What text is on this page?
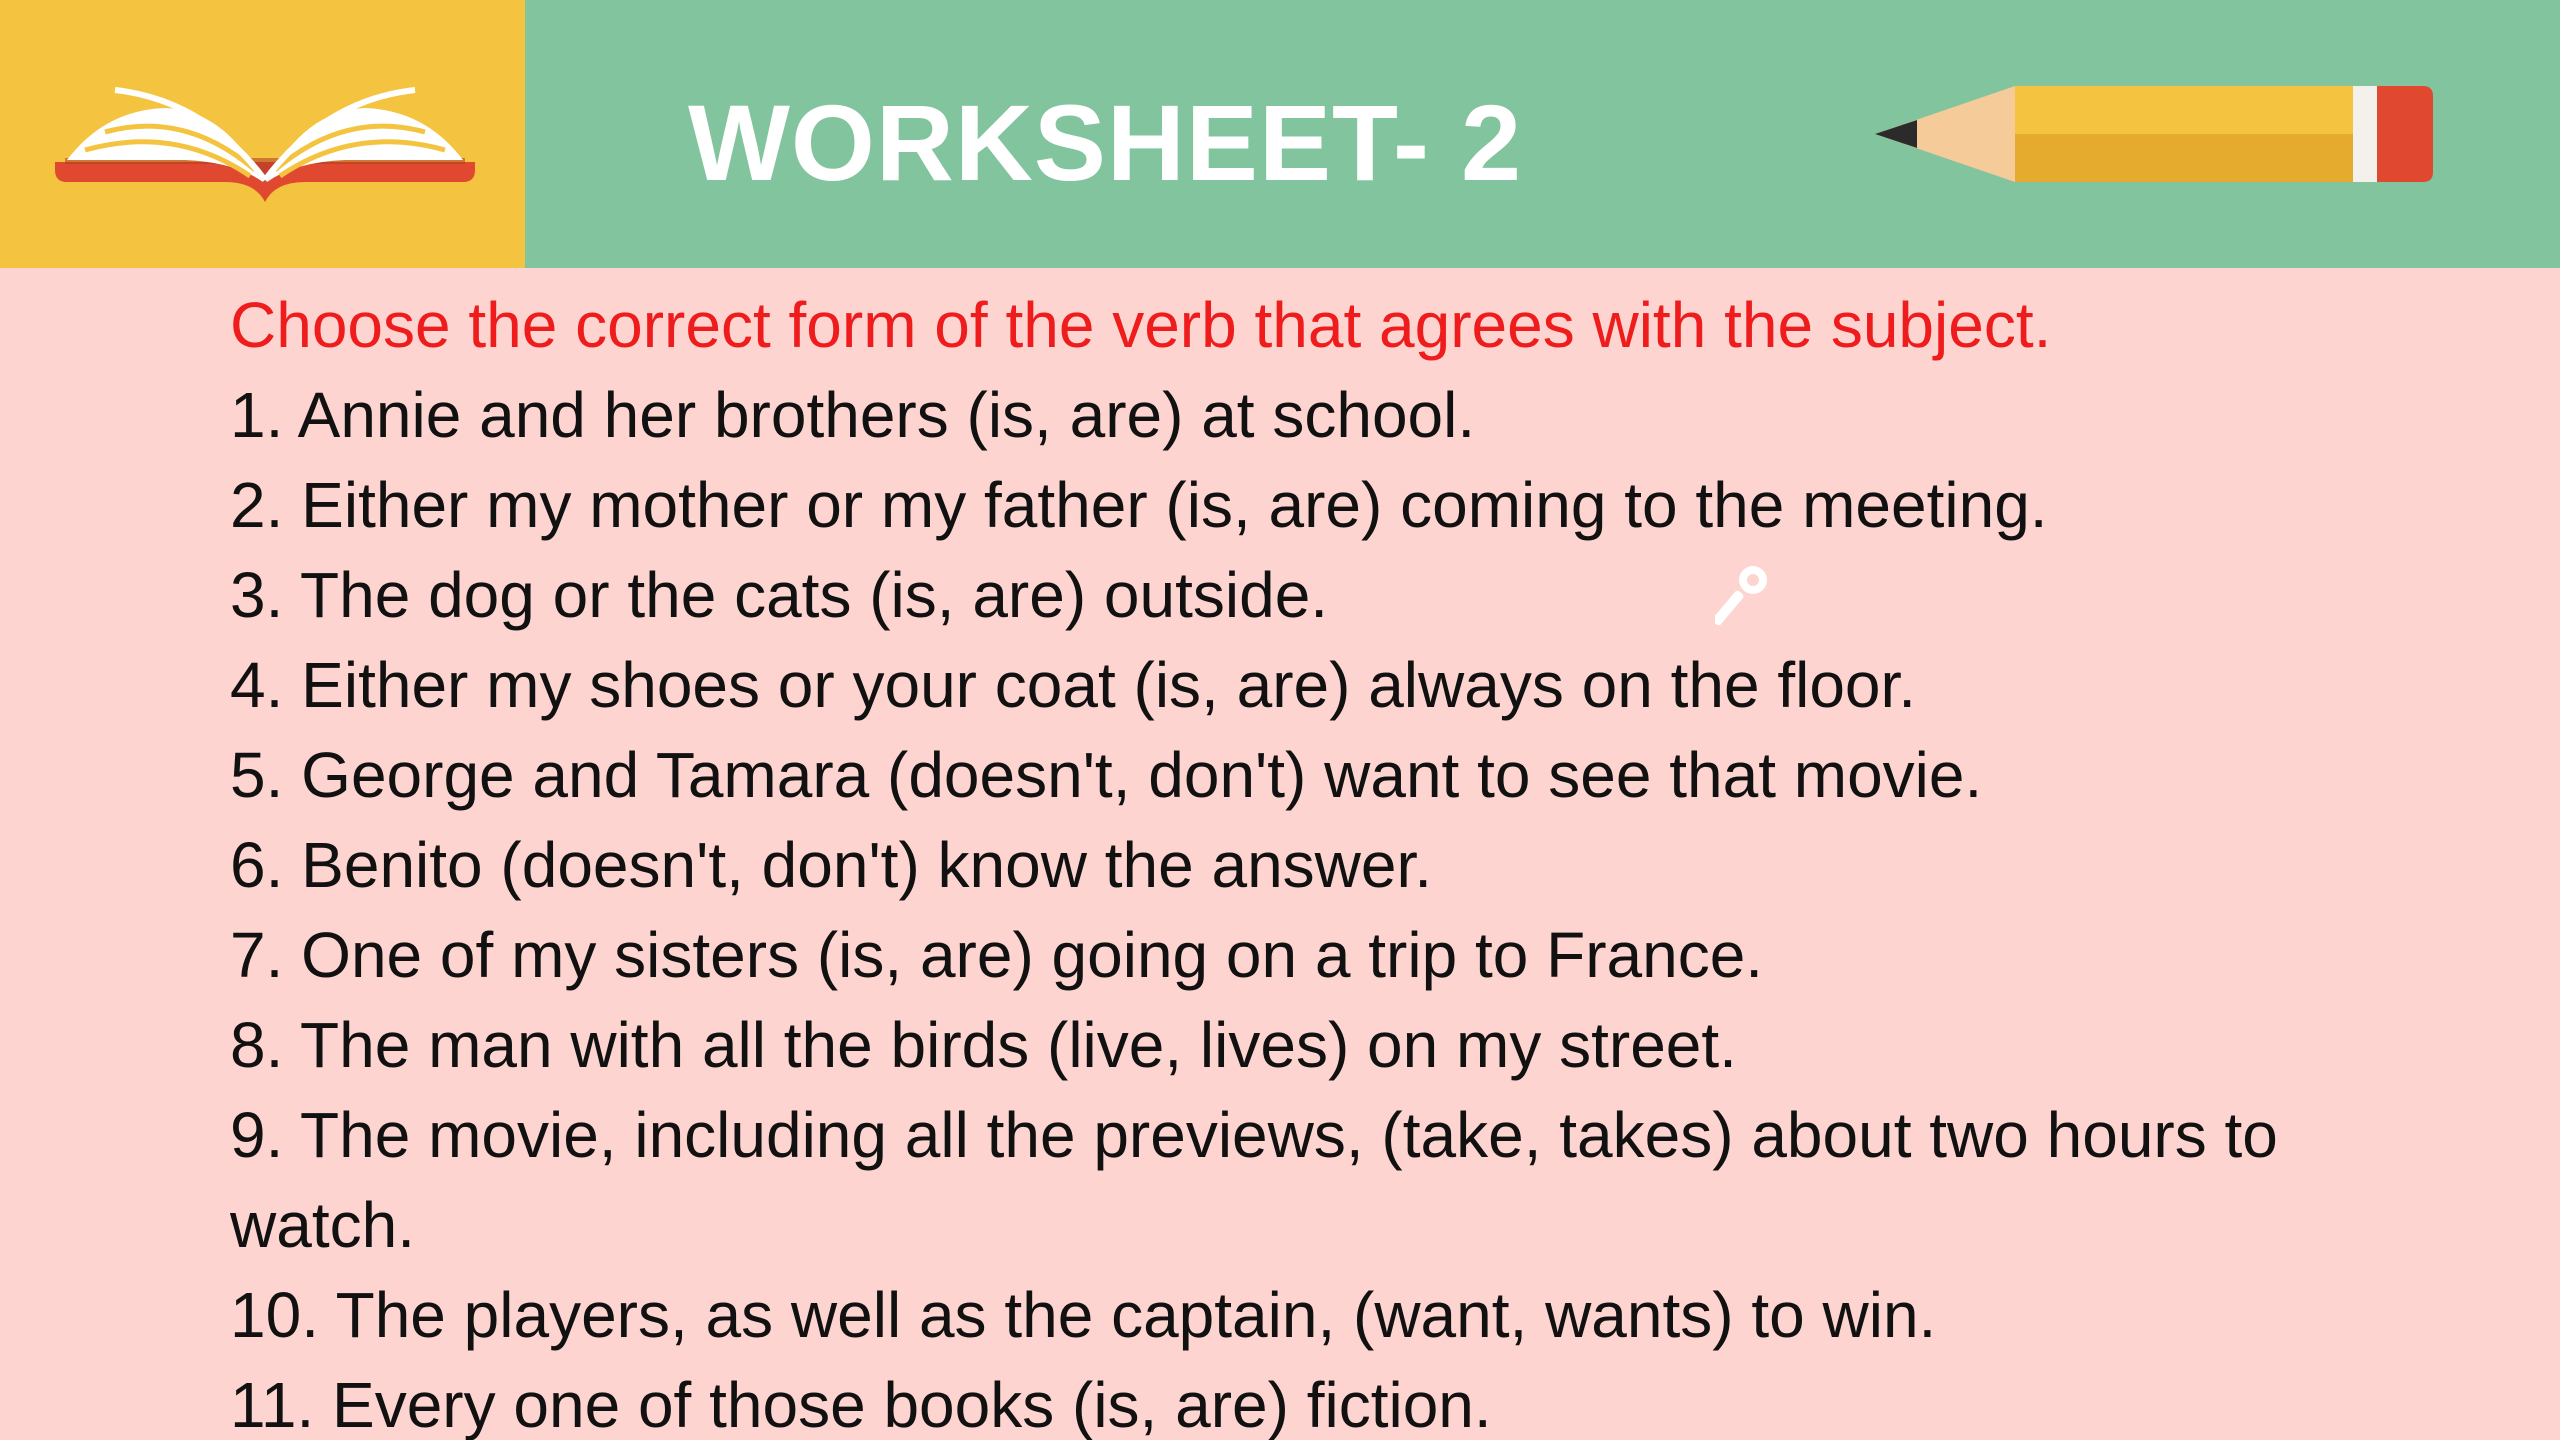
WORKSHEET- 2
Choose the correct form of the verb that agrees with the subject.
1. Annie and her brothers (is, are) at school.
2. Either my mother or my father (is, are) coming to the meeting.
3. The dog or the cats (is, are) outside.
4. Either my shoes or your coat (is, are) always on the floor.
5. George and Tamara (doesn't, don't) want to see that movie.
6. Benito (doesn't, don't) know the answer.
7. One of my sisters (is, are) going on a trip to France.
8. The man with all the birds (live, lives) on my street.
9. The movie, including all the previews, (take, takes) about two hours to watch.
10. The players, as well as the captain, (want, wants) to win.
11. Every one of those books (is, are) fiction.
